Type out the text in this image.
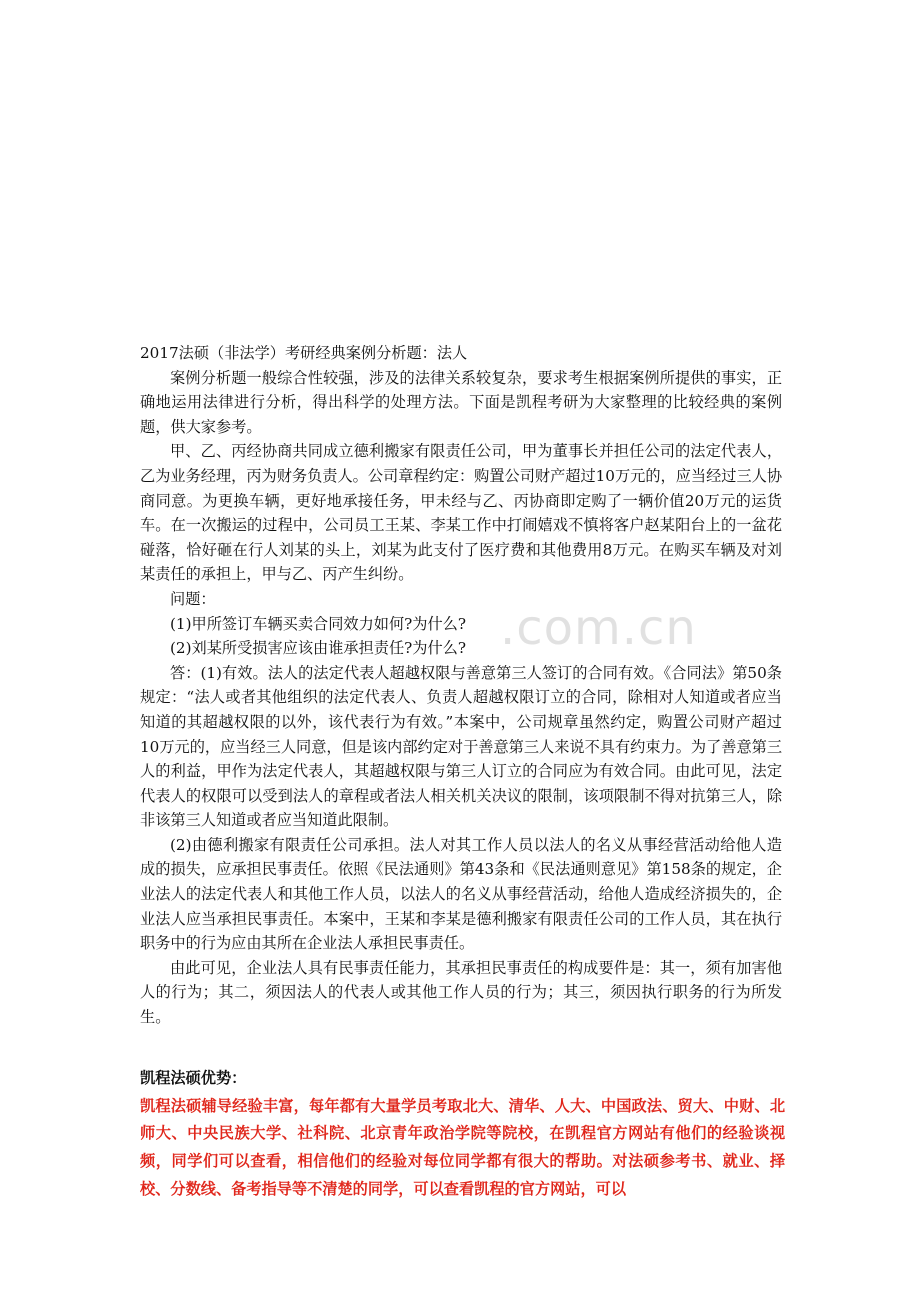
.com.cn

2017法硕（非法学）考研经典案例分析题：法人

案例分析题一般综合性较强，涉及的法律关系较复杂，要求考生根据案例所提供的事实，正确地运用法律进行分析，得出科学的处理方法。下面是凯程考研为大家整理的比较经典的案例题，供大家参考。

甲、乙、丙经协商共同成立德利搬家有限责任公司，甲为董事长并担任公司的法定代表人，乙为业务经理，丙为财务负责人。公司章程约定：购置公司财产超过10万元的，应当经过三人协商同意。为更换车辆，更好地承接任务，甲未经与乙、丙协商即定购了一辆价值20万元的运货车。在一次搬运的过程中，公司员工王某、李某工作中打闹嬉戏不慎将客户赵某阳台上的一盆花碰落，恰好砸在行人刘某的头上，刘某为此支付了医疗费和其他费用8万元。在购买车辆及对刘某责任的承担上，甲与乙、丙产生纠纷。

问题：

(1)甲所签订车辆买卖合同效力如何?为什么?

(2)刘某所受损害应该由谁承担责任?为什么?

答：(1)有效。法人的法定代表人超越权限与善意第三人签订的合同有效。《合同法》第50条规定：“法人或者其他组织的法定代表人、负责人超越权限订立的合同，除相对人知道或者应当知道的其超越权限的以外，该代表行为有效。”本案中，公司规章虽然约定，购置公司财产超过10万元的，应当经三人同意，但是该内部约定对于善意第三人来说不具有约束力。为了善意第三人的利益，甲作为法定代表人，其超越权限与第三人订立的合同应为有效合同。由此可见，法定代表人的权限可以受到法人的章程或者法人相关机关决议的限制，该项限制不得对抗第三人，除非该第三人知道或者应当知道此限制。

(2)由德利搬家有限责任公司承担。法人对其工作人员以法人的名义从事经营活动给他人造成的损失，应承担民事责任。依照《民法通则》第43条和《民法通则意见》第158条的规定，企业法人的法定代表人和其他工作人员，以法人的名义从事经营活动，给他人造成经济损失的，企业法人应当承担民事责任。本案中，王某和李某是德利搬家有限责任公司的工作人员，其在执行职务中的行为应由其所在企业法人承担民事责任。

由此可见，企业法人具有民事责任能力，其承担民事责任的构成要件是：其一，须有加害他人的行为；其二，须因法人的代表人或其他工作人员的行为；其三，须因执行职务的行为所发生。

凯程法硕优势：

凯程法硕辅导经验丰富，每年都有大量学员考取北大、清华、人大、中国政法、贸大、中财、北师大、中央民族大学、社科院、北京青年政治学院等院校，在凯程官方网站有他们的经验谈视频，同学们可以查看，相信他们的经验对每位同学都有很大的帮助。对法硕参考书、就业、择校、分数线、备考指导等不清楚的同学，可以查看凯程的官方网站，可以
